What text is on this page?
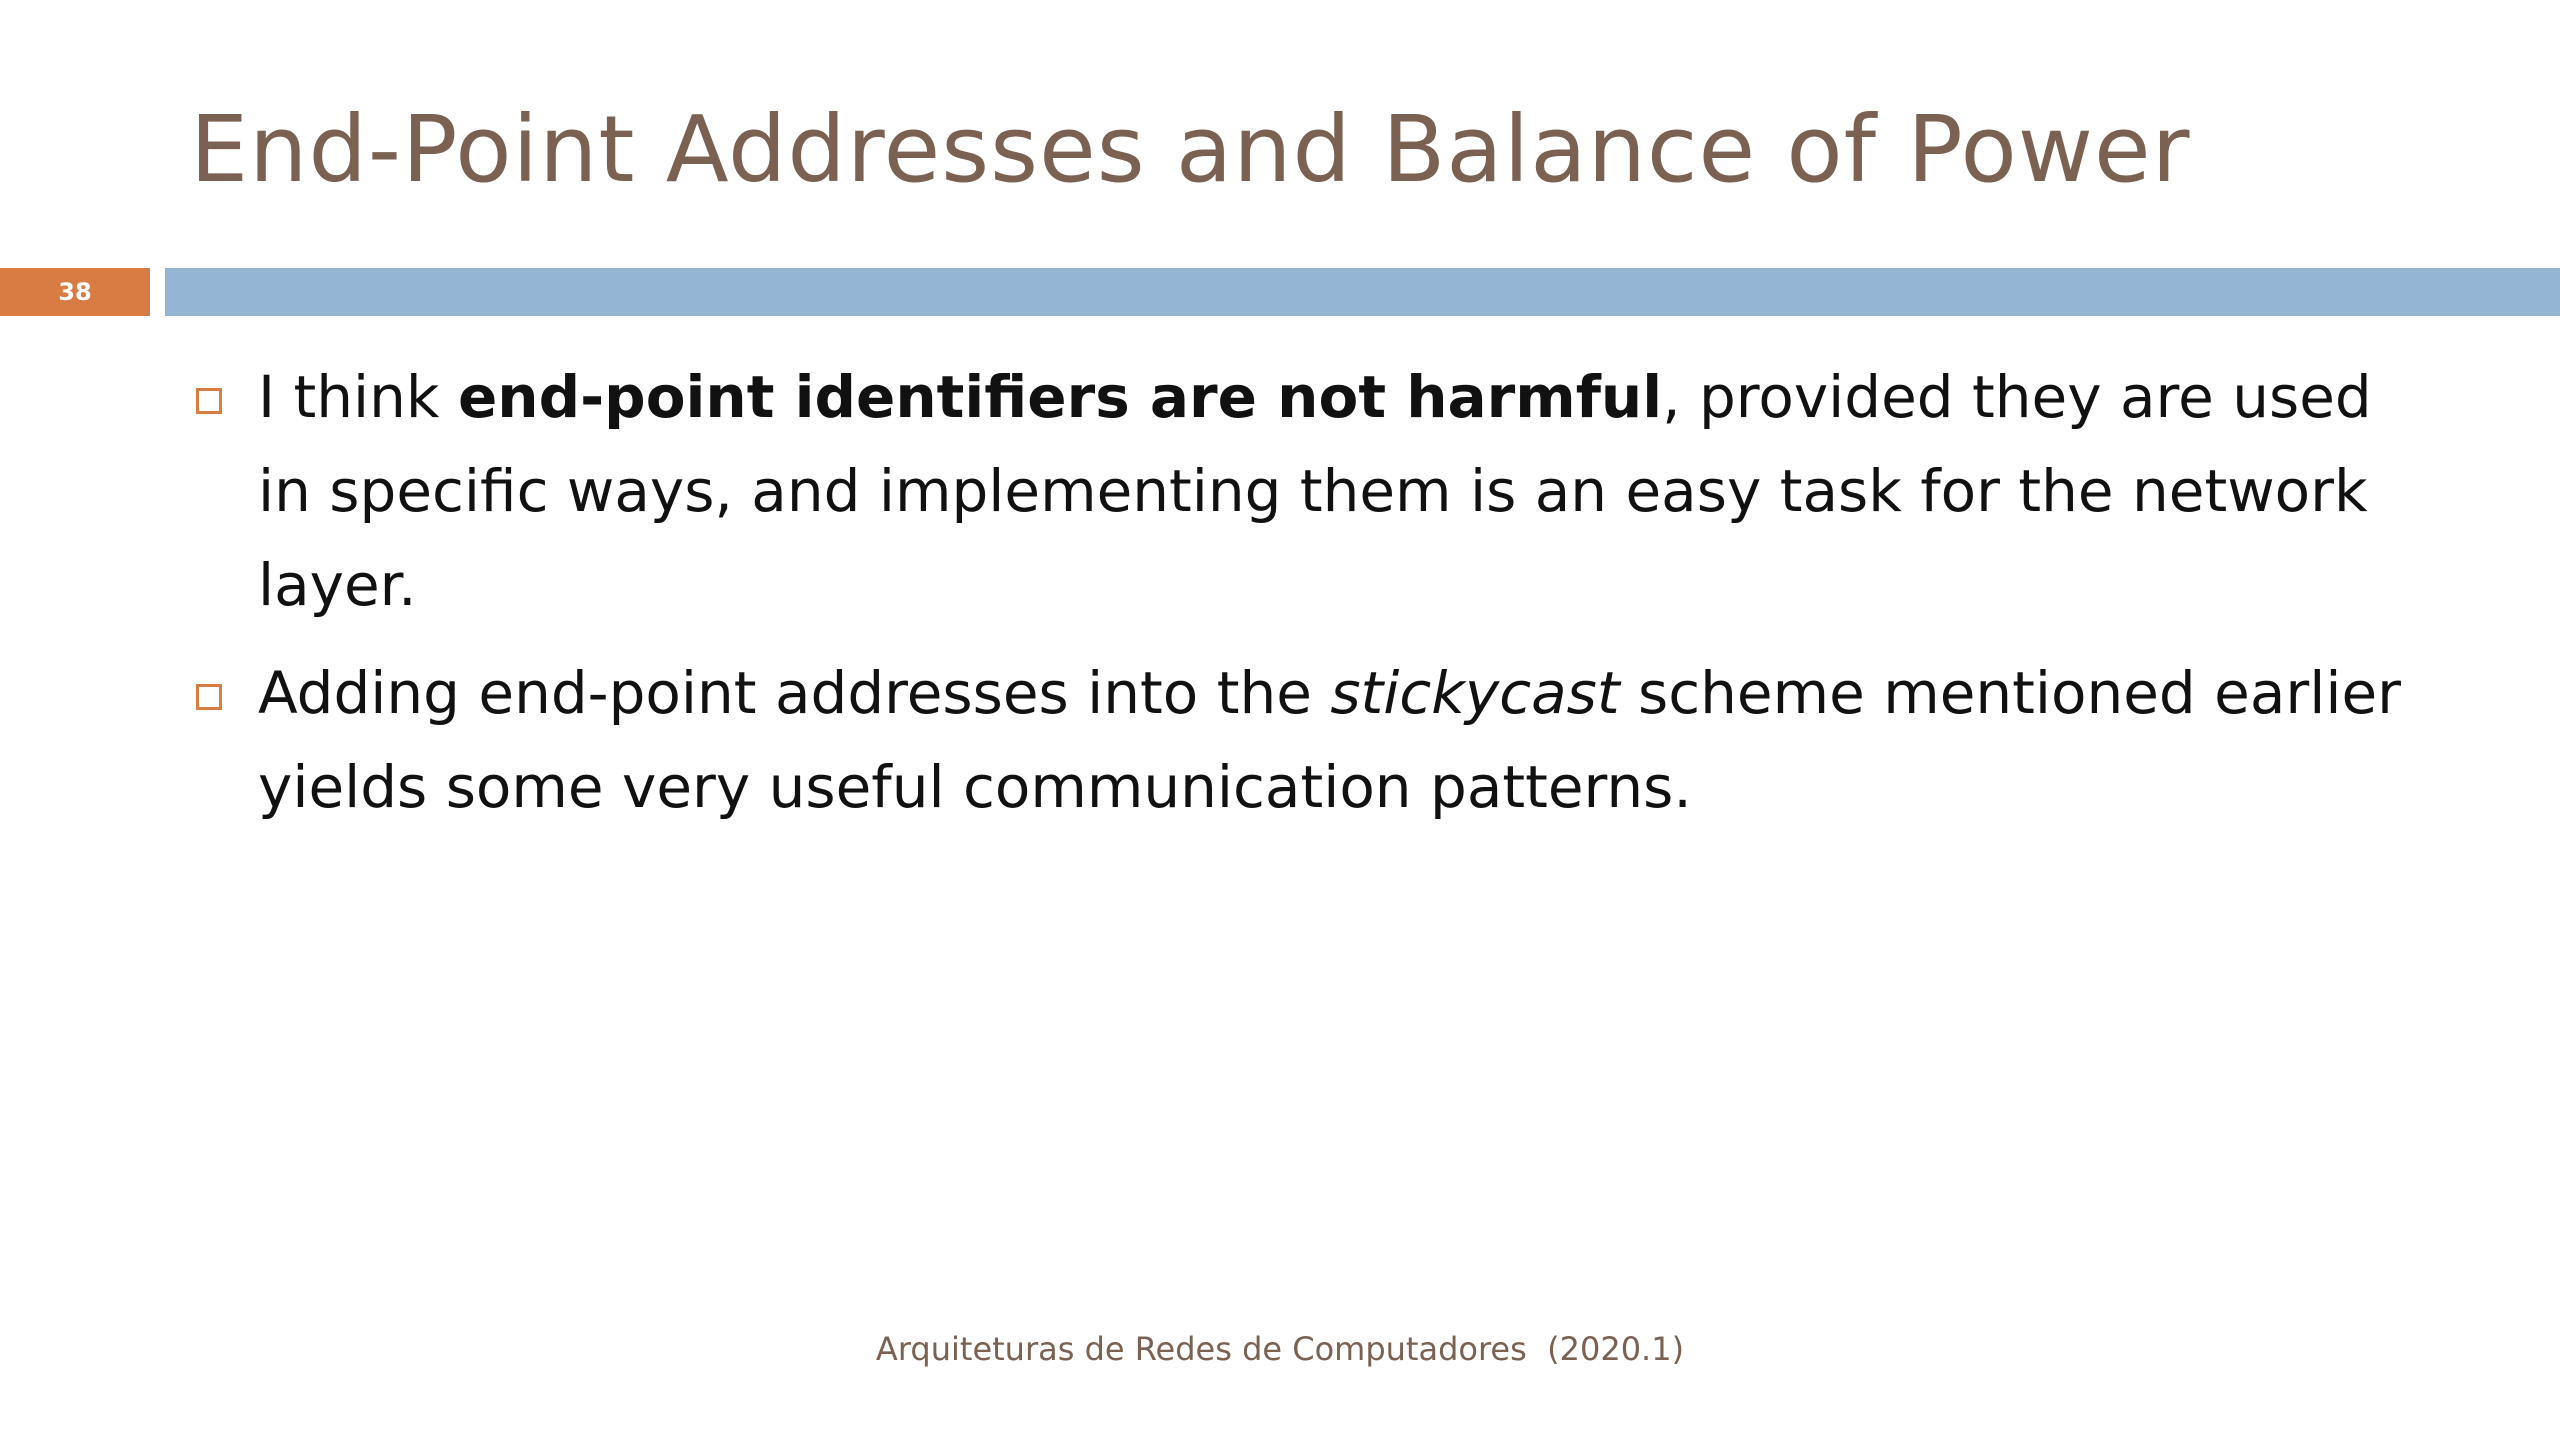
End-Point Addresses and Balance of Power
38
I think end-point identifiers are not harmful, provided they are used in specific ways, and implementing them is an easy task for the network layer.
Adding end-point addresses into the stickycast scheme mentioned earlier yields some very useful communication patterns.
Arquiteturas de Redes de Computadores  (2020.1)
